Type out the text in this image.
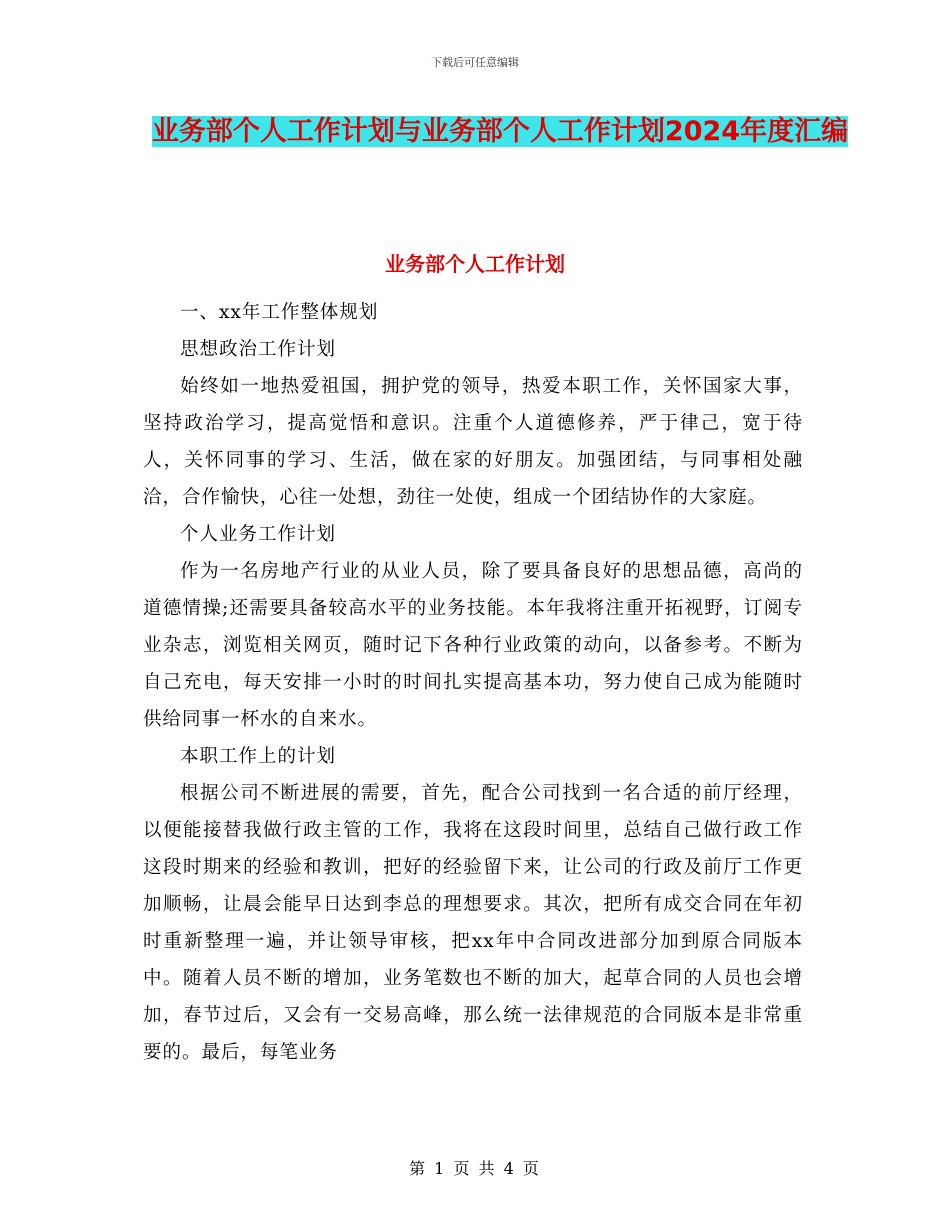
下载后可任意编辑
业务部个人工作计划与业务部个人工作计划2024年度汇编
业务部个人工作计划

一、xx年工作整体规划

思想政治工作计划

始终如一地热爱祖国，拥护党的领导，热爱本职工作，关怀国家大事，坚持政治学习，提高觉悟和意识。注重个人道德修养，严于律己，宽于待人，关怀同事的学习、生活，做在家的好朋友。加强团结，与同事相处融洽，合作愉快，心往一处想，劲往一处使，组成一个团结协作的大家庭。

个人业务工作计划

作为一名房地产行业的从业人员，除了要具备良好的思想品德，高尚的道德情操;还需要具备较高水平的业务技能。本年我将注重开拓视野，订阅专业杂志，浏览相关网页，随时记下各种行业政策的动向，以备参考。不断为自己充电，每天安排一小时的时间扎实提高基本功，努力使自己成为能随时供给同事一杯水的自来水。

本职工作上的计划

根据公司不断进展的需要，首先，配合公司找到一名合适的前厅经理，以便能接替我做行政主管的工作，我将在这段时间里，总结自己做行政工作这段时期来的经验和教训，把好的经验留下来，让公司的行政及前厅工作更加顺畅，让晨会能早日达到李总的理想要求。其次，把所有成交合同在年初时重新整理一遍，并让领导审核，把xx年中合同改进部分加到原合同版本中。随着人员不断的增加，业务笔数也不断的加大，起草合同的人员也会增加，春节过后，又会有一交易高峰，那么统一法律规范的合同版本是非常重要的。最后，每笔业务

第 1 页 共 4 页
